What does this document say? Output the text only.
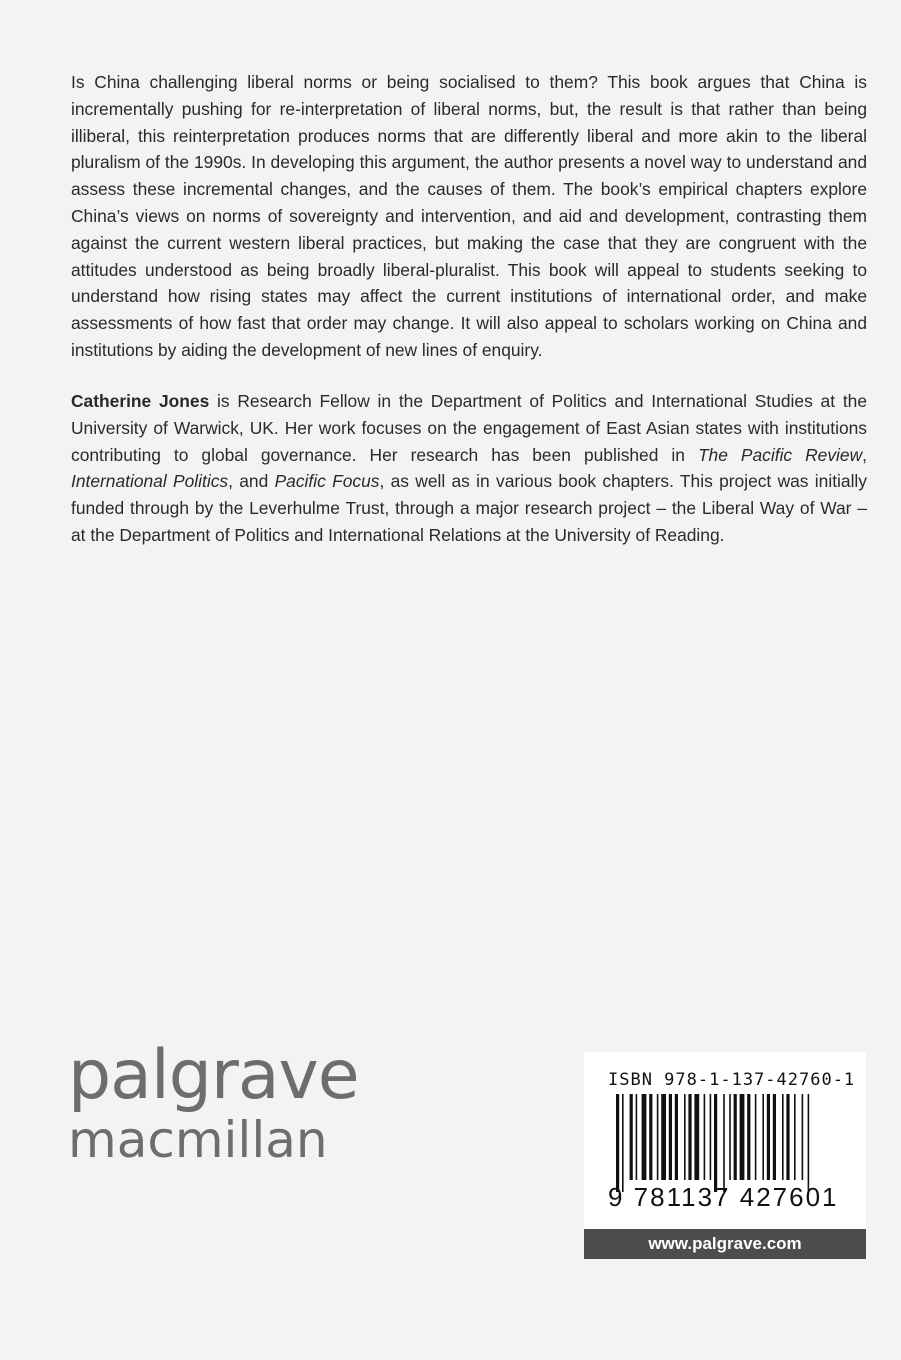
Is China challenging liberal norms or being socialised to them? This book argues that China is incrementally pushing for re-interpretation of liberal norms, but, the result is that rather than being illiberal, this reinterpretation produces norms that are differently liberal and more akin to the liberal pluralism of the 1990s. In developing this argument, the author presents a novel way to understand and assess these incremental changes, and the causes of them. The book’s empirical chapters explore China’s views on norms of sovereignty and intervention, and aid and development, contrasting them against the current western liberal practices, but making the case that they are congruent with the attitudes understood as being broadly liberal-pluralist. This book will appeal to students seeking to understand how rising states may affect the current institutions of international order, and make assessments of how fast that order may change. It will also appeal to scholars working on China and institutions by aiding the development of new lines of enquiry.

Catherine Jones is Research Fellow in the Department of Politics and International Studies at the University of Warwick, UK. Her work focuses on the engagement of East Asian states with institutions contributing to global governance. Her research has been published in The Pacific Review, International Politics, and Pacific Focus, as well as in various book chapters. This project was initially funded through by the Leverhulme Trust, through a major research project – the Liberal Way of War – at the Department of Politics and International Relations at the University of Reading.

palgrave
macmillan
ISBN 978-1-137-42760-1
9 781137 427601
www.palgrave.com
